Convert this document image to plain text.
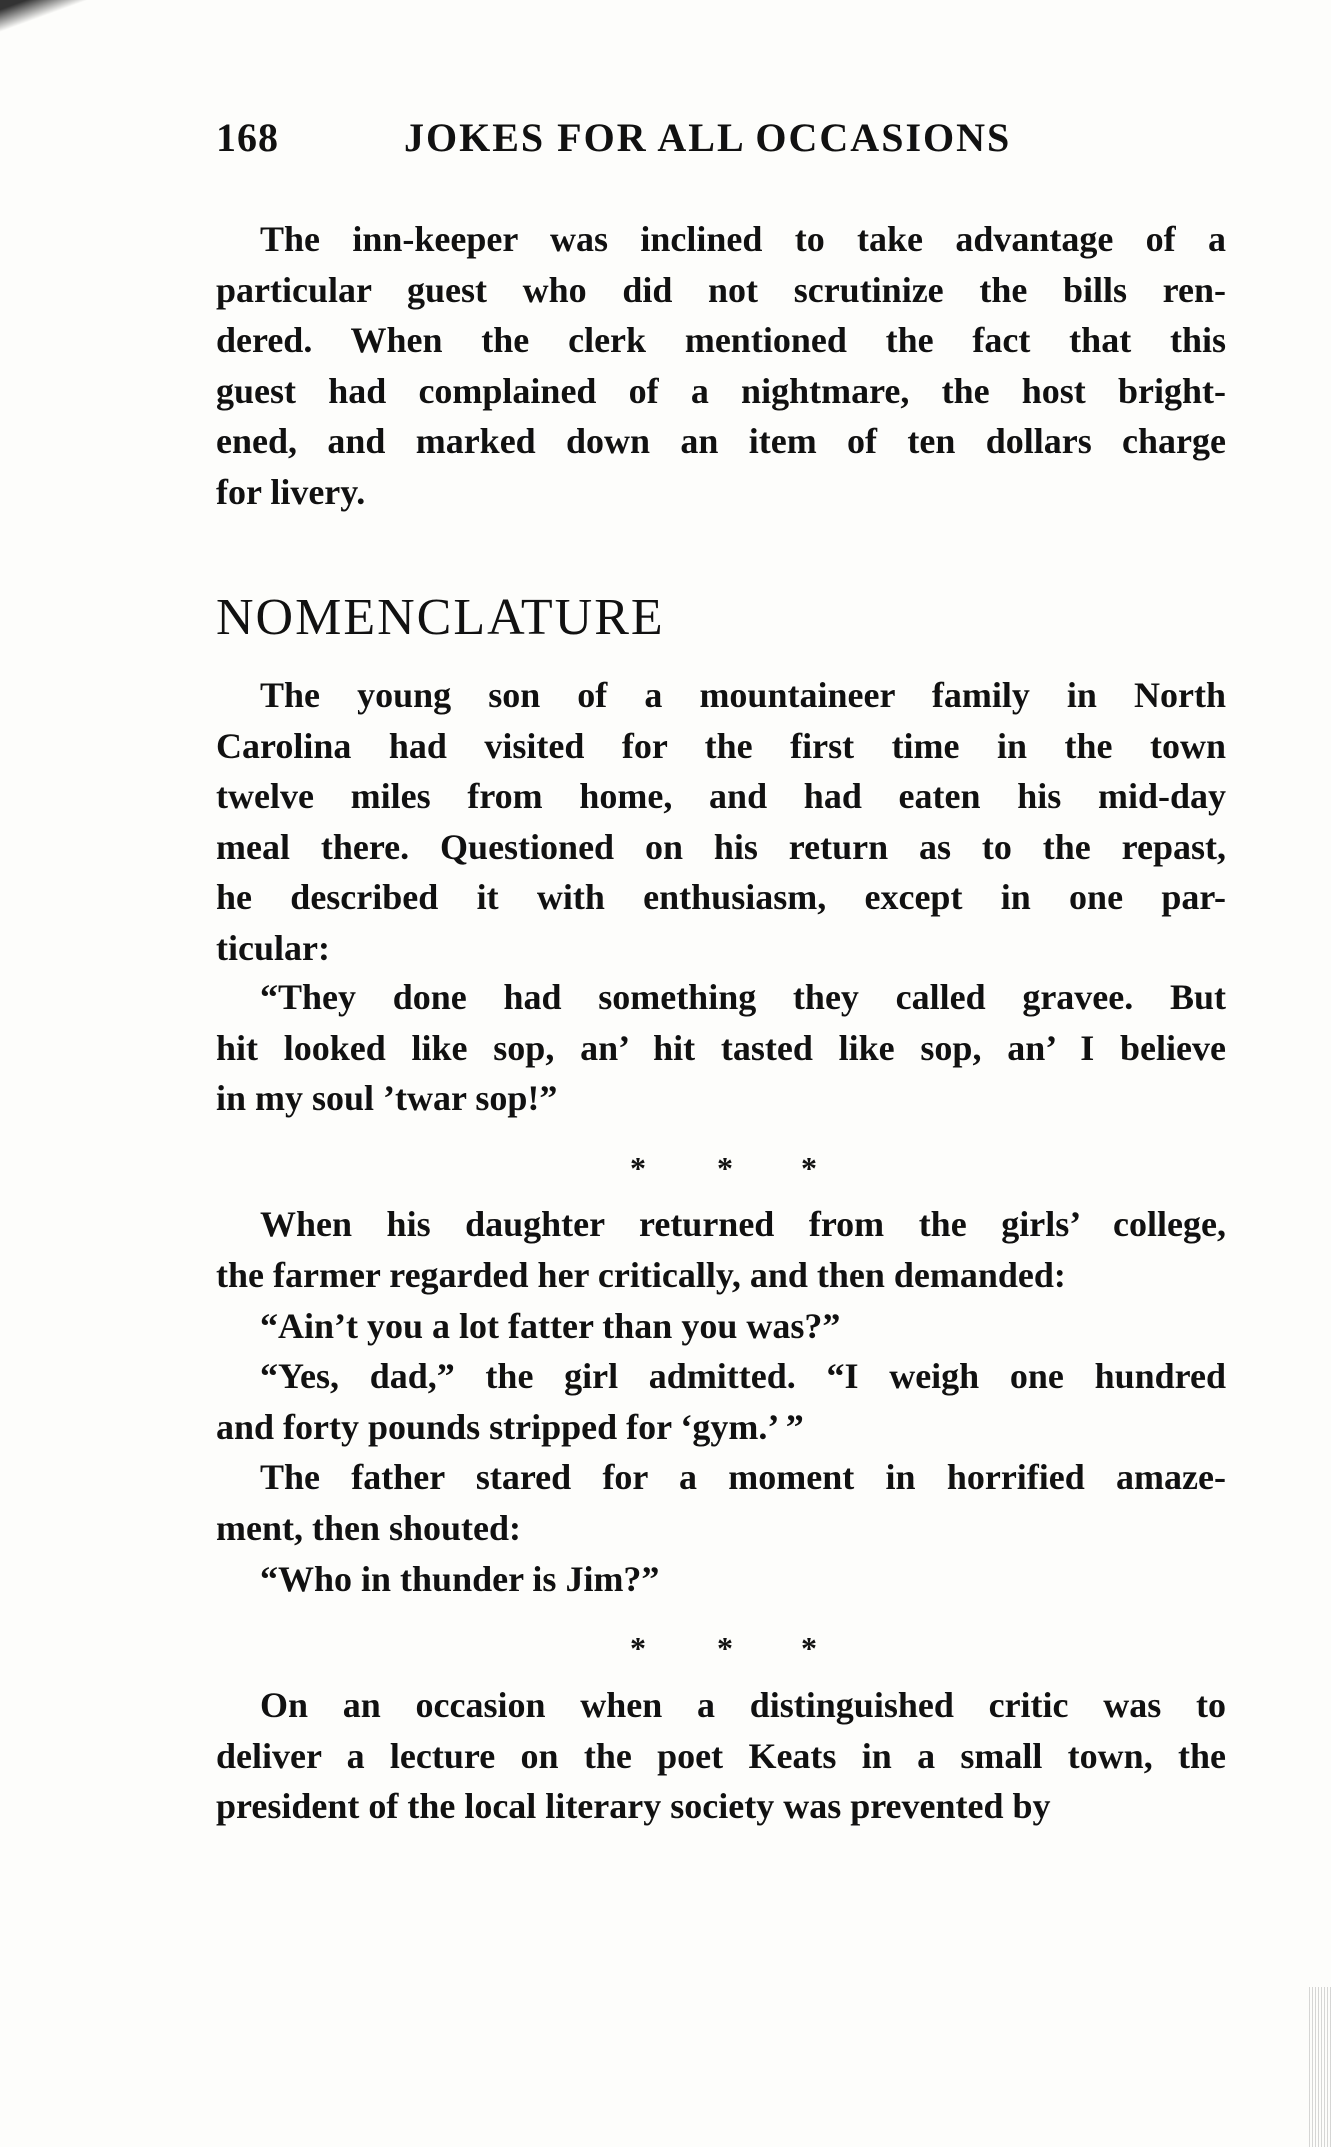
168	JOKES FOR ALL OCCASIONS
NOMENCLATURE
The inn-keeper was inclined to take advantage of a
particular guest who did not scrutinize the bills ren-
dered. When the clerk mentioned the fact that this
guest had complained of a nightmare, the host bright-
ened, and marked down an item of ten dollars charge
for livery.
The young son of a mountaineer family in North
Carolina had visited for the first time in the town
twelve miles from home, and had eaten his mid-day
meal there. Questioned on his return as to the repast,
he described it with enthusiasm, except in one par-
ticular:
“They done had something they called gravee. But
hit looked like sop, an’ hit tasted like sop, an’ I believe
in my soul ’twar sop!”
When his daughter returned from the girls’ college,
the farmer regarded her critically, and then demanded:
“Ain’t you a lot fatter than you was?”
“Yes, dad,” the girl admitted. “I weigh one hundred
and forty pounds stripped for ‘gym.’ ”
The father stared for a moment in horrified amaze-
ment, then shouted:
“Who in thunder is Jim?”
On an occasion when a distinguished critic was to
deliver a lecture on the poet Keats in a small town, the
president of the local literary society was prevented by
* * *
* * *
